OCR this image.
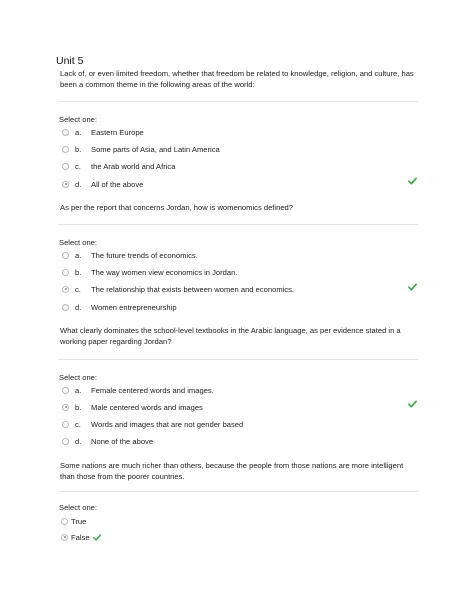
Unit 5
Lack of, or even limited freedom, whether that freedom be related to knowledge, religion, and culture, has been a common theme in the following areas of the world:
Select one:
a.	Eastern Europe
b.	Some parts of Asia, and Latin America
c.	the Arab world and Africa
d.	All of the above
As per the report that concerns Jordan, how is womenomics defined?
Select one:
a.	The future trends of economics.
b.	The way women view economics in Jordan.
c.	The relationship that exists between women and economics.
d.	Women entrepreneurship
What clearly dominates the school-level textbooks in the Arabic language, as per evidence stated in a working paper regarding Jordan?
Select one:
a.	Female centered words and images.
b.	Male centered words and images
c.	Words and images that are not gender based
d.	None of the above
Some nations are much richer than others, because the people from those nations are more intelligent than those from the poorer countries.
Select one:
True
False
